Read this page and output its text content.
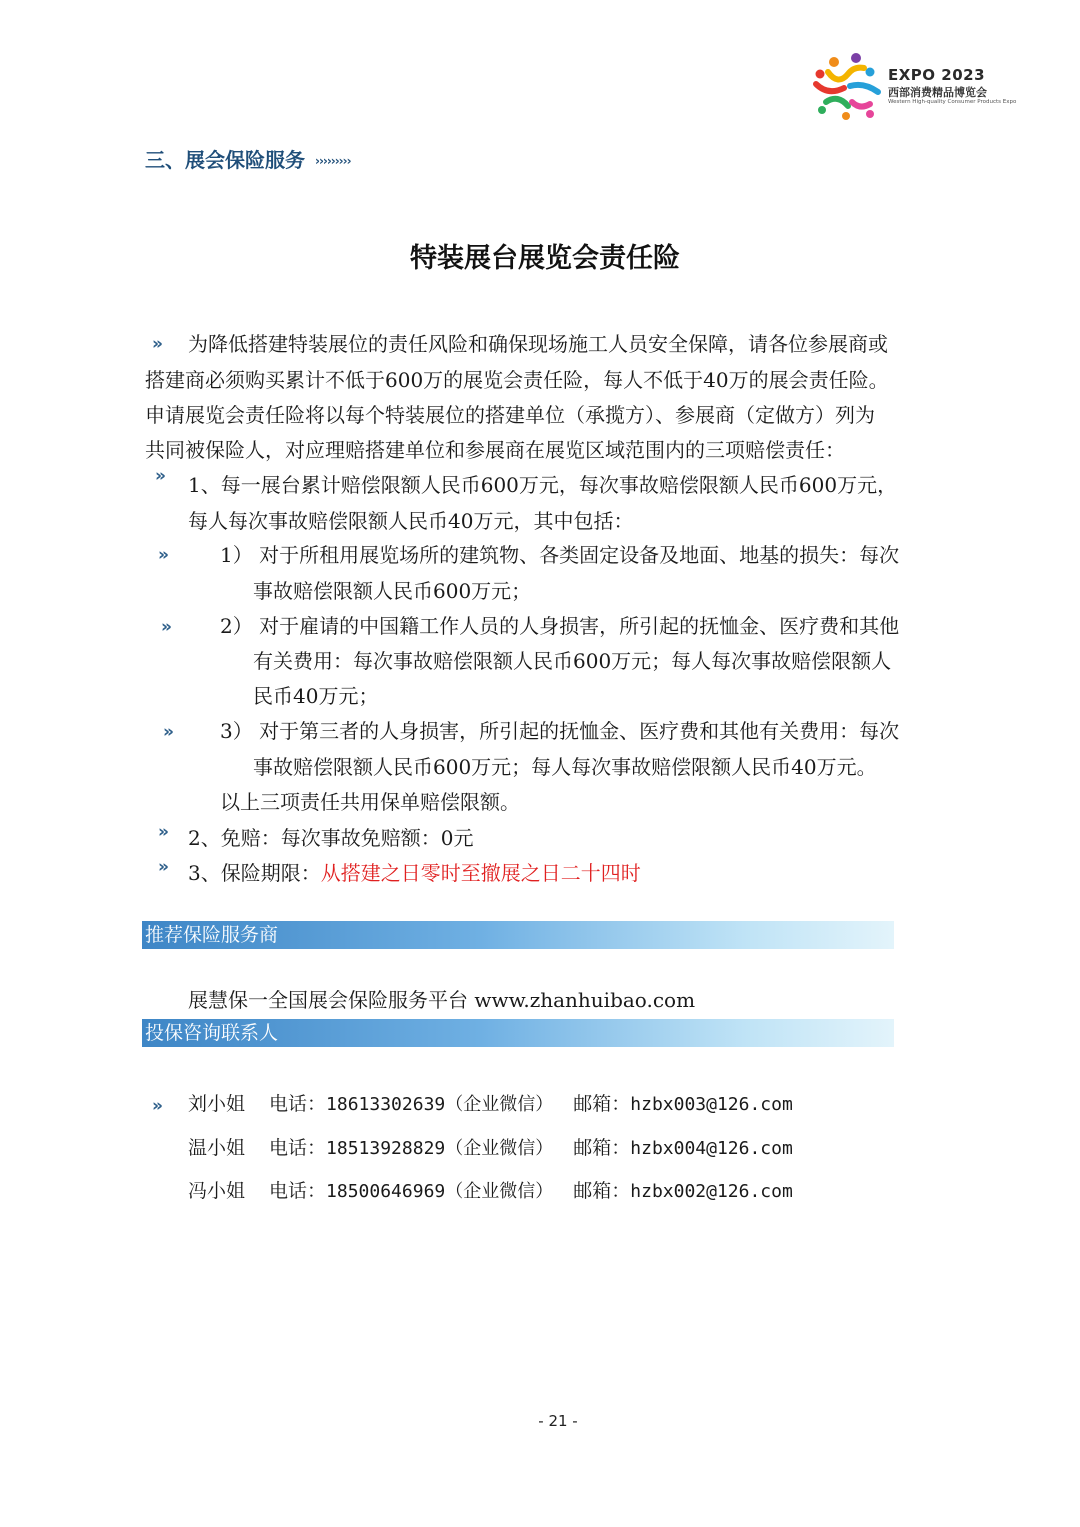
EXPO 2023
西部消费精品博览会
Western High-quality Consumer Products Expo
三、展会保险服务 ›››››››››
特装展台展览会责任险
» 为降低搭建特装展位的责任风险和确保现场施工人员安全保障，请各位参展商或
搭建商必须购买累计不低于600万的展览会责任险，每人不低于40万的展会责任险。
申请展览会责任险将以每个特装展位的搭建单位（承揽方）、参展商（定做方）列为
共同被保险人，对应理赔搭建单位和参展商在展览区域范围内的三项赔偿责任：
» 1、每一展台累计赔偿限额人民币600万元，每次事故赔偿限额人民币600万元，
每人每次事故赔偿限额人民币40万元，其中包括：
»	1） 对于所租用展览场所的建筑物、各类固定设备及地面、地基的损失：每次
事故赔偿限额人民币600万元；
»	2） 对于雇请的中国籍工作人员的人身损害，所引起的抚恤金、医疗费和其他
有关费用：每次事故赔偿限额人民币600万元；每人每次事故赔偿限额人
民币40万元；
» 3） 对于第三者的人身损害，所引起的抚恤金、医疗费和其他有关费用：每次
事故赔偿限额人民币600万元；每人每次事故赔偿限额人民币40万元。
以上三项责任共用保单赔偿限额。
» 2、免赔：每次事故免赔额：0元
» 3、保险期限：从搭建之日零时至撤展之日二十四时
推荐保险服务商
展慧保一全国展会保险服务平台 www.zhanhuibao.com
投保咨询联系人
» 刘小姐 电话：18613302639（企业微信） 邮箱：hzbx003@126.com
温小姐 电话：18513928829（企业微信） 邮箱：hzbx004@126.com
冯小姐 电话：18500646969（企业微信） 邮箱：hzbx002@126.com
- 21 -
